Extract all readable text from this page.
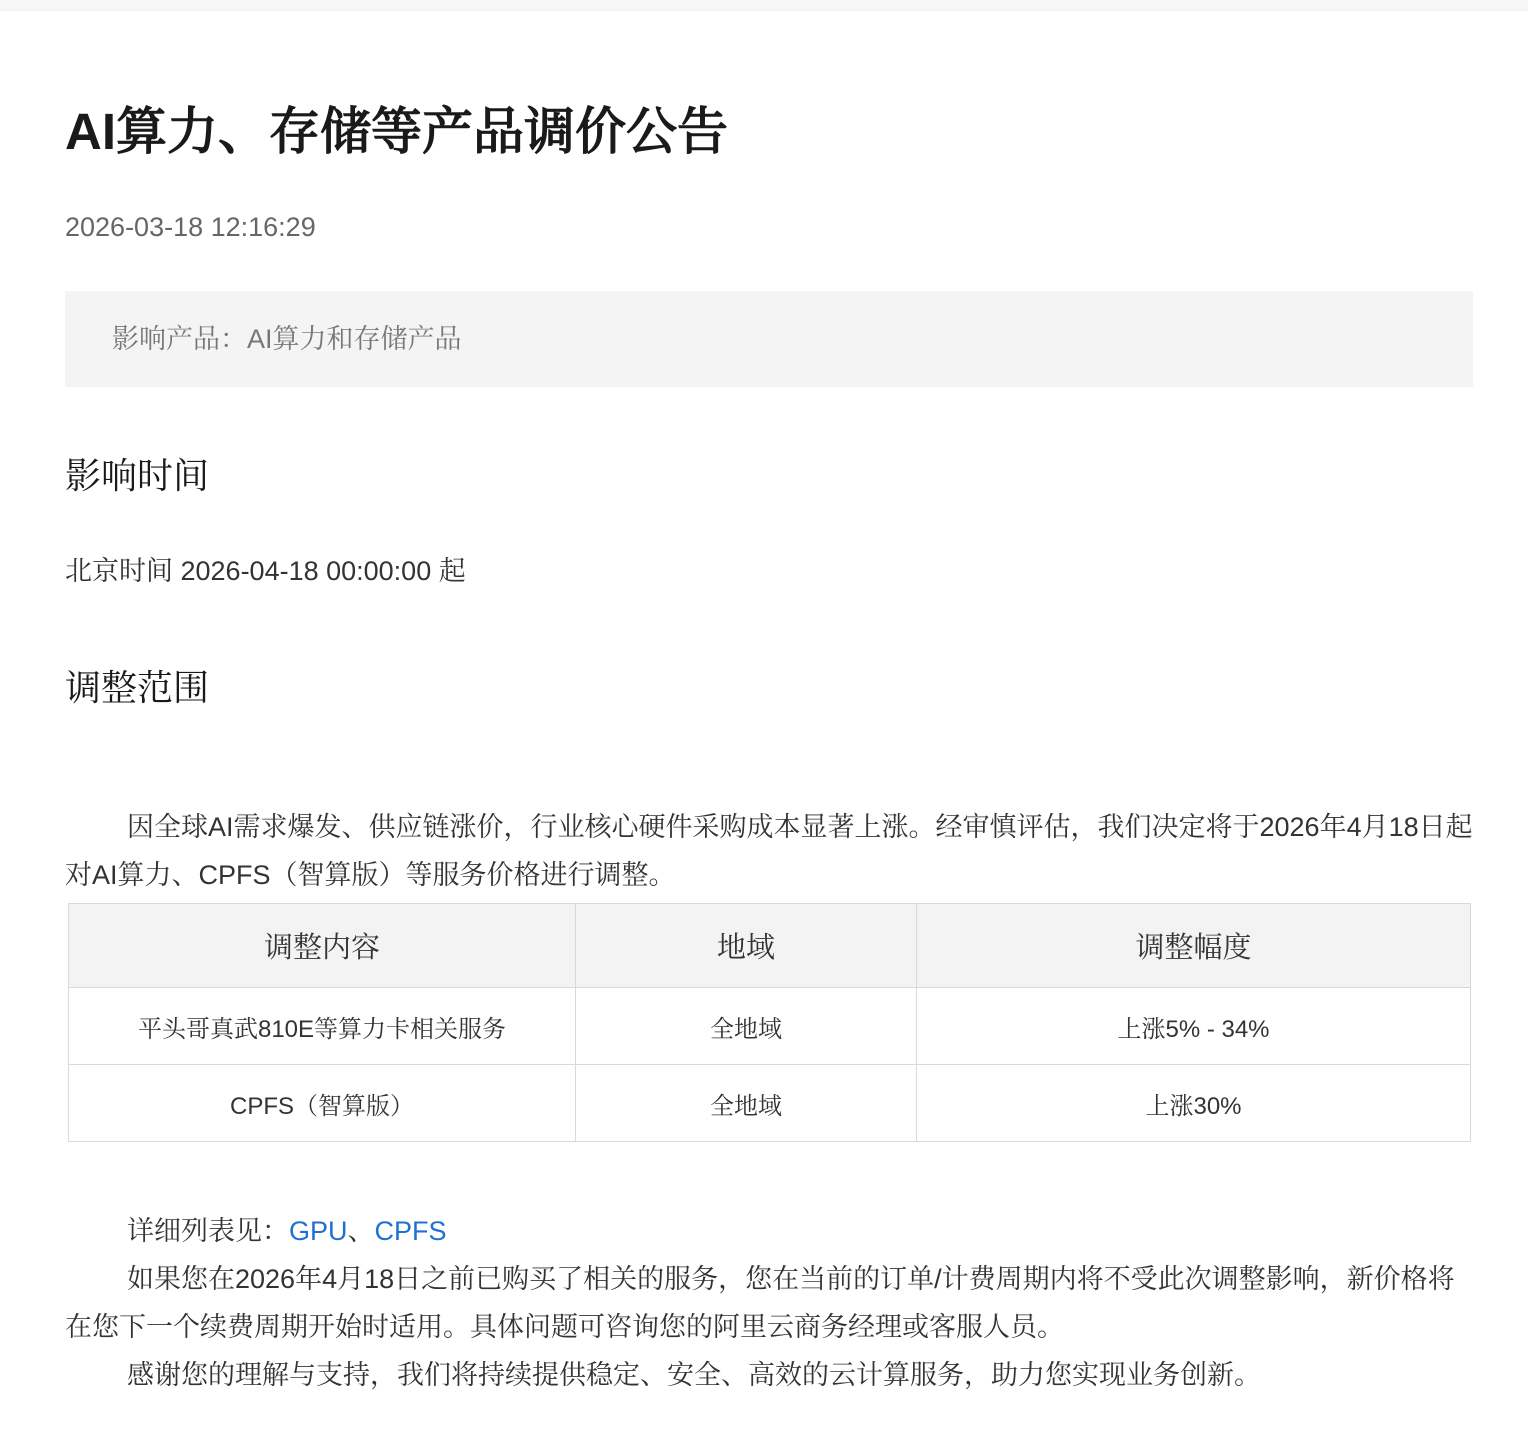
AI算力、存储等产品调价公告
2026-03-18 12:16:29
影响产品：AI算力和存储产品
影响时间
北京时间 2026-04-18 00:00:00 起
调整范围

因全球AI需求爆发、供应链涨价，行业核心硬件采购成本显著上涨。经审慎评估，我们决定将于2026年4月18日起对AI算力、CPFS（智算版）等服务价格进行调整。

调整内容	地域	调整幅度
平头哥真武810E等算力卡相关服务	全地域	上涨5% - 34%
CPFS（智算版）	全地域	上涨30%

详细列表见：GPU、CPFS

如果您在2026年4月18日之前已购买了相关的服务，您在当前的订单/计费周期内将不受此次调整影响，新价格将在您下一个续费周期开始时适用。具体问题可咨询您的阿里云商务经理或客服人员。

感谢您的理解与支持，我们将持续提供稳定、安全、高效的云计算服务，助力您实现业务创新。
